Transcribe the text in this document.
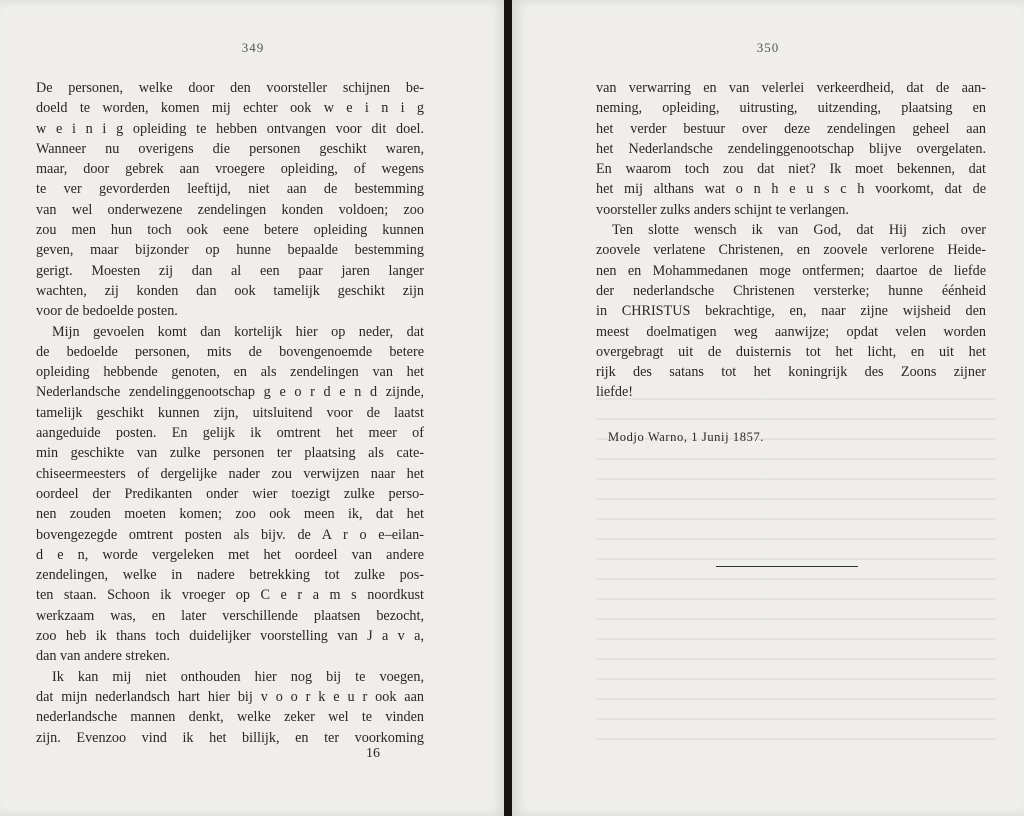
349
De personen, welke door den voorsteller schijnen be-
doeld te worden, komen mij echter ook w e i n i g
w e i n i g opleiding te hebben ontvangen voor dit doel.
Wanneer nu overigens die personen geschikt waren,
maar, door gebrek aan vroegere opleiding, of wegens
te ver gevorderden leeftijd, niet aan de bestemming
van wel onderwezene zendelingen konden voldoen; zoo
zou men hun toch ook eene betere opleiding kunnen
geven, maar bijzonder op hunne bepaalde bestemming
gerigt. Moesten zij dan al een paar jaren langer
wachten, zij konden dan ook tamelijk geschikt zijn
voor de bedoelde posten.
Mijn gevoelen komt dan kortelijk hier op neder, dat
de bedoelde personen, mits de bovengenoemde betere
opleiding hebbende genoten, en als zendelingen van het
Nederlandsche zendelinggenootschap g e o r d e n d zijnde,
tamelijk geschikt kunnen zijn, uitsluitend voor de laatst
aangeduide posten. En gelijk ik omtrent het meer of
min geschikte van zulke personen ter plaatsing als cate-
chiseermeesters of dergelijke nader zou verwijzen naar het
oordeel der Predikanten onder wier toezigt zulke perso-
nen zouden moeten komen; zoo ook meen ik, dat het
bovengezegde omtrent posten als bijv. de A r o e–eilan-
d e n, worde vergeleken met het oordeel van andere
zendelingen, welke in nadere betrekking tot zulke pos-
ten staan. Schoon ik vroeger op C e r a m s noordkust
werkzaam was, en later verschillende plaatsen bezocht,
zoo heb ik thans toch duidelijker voorstelling van J a v a,
dan van andere streken.
Ik kan mij niet onthouden hier nog bij te voegen,
dat mijn nederlandsch hart hier bij v o o r k e u r ook aan
nederlandsche mannen denkt, welke zeker wel te vinden
zijn. Evenzoo vind ik het billijk, en ter voorkoming
16
350
van verwarring en van velerlei verkeerdheid, dat de aan-
neming, opleiding, uitrusting, uitzending, plaatsing en
het verder bestuur over deze zendelingen geheel aan
het Nederlandsche zendelinggenootschap blijve overgelaten.
En waarom toch zou dat niet? Ik moet bekennen, dat
het mij althans wat o n h e u s c h voorkomt, dat de
voorsteller zulks anders schijnt te verlangen.
Ten slotte wensch ik van God, dat Hij zich over
zoovele verlatene Christenen, en zoovele verlorene Heide-
nen en Mohammedanen moge ontfermen; daartoe de liefde
der nederlandsche Christenen versterke; hunne éénheid
in CHRISTUS bekrachtige, en, naar zijne wijsheid den
meest doelmatigen weg aanwijze; opdat velen worden
overgebragt uit de duisternis tot het licht, en uit het
rijk des satans tot het koningrijk des Zoons zijner
liefde!
Modjo Warno, 1 Junij 1857.
